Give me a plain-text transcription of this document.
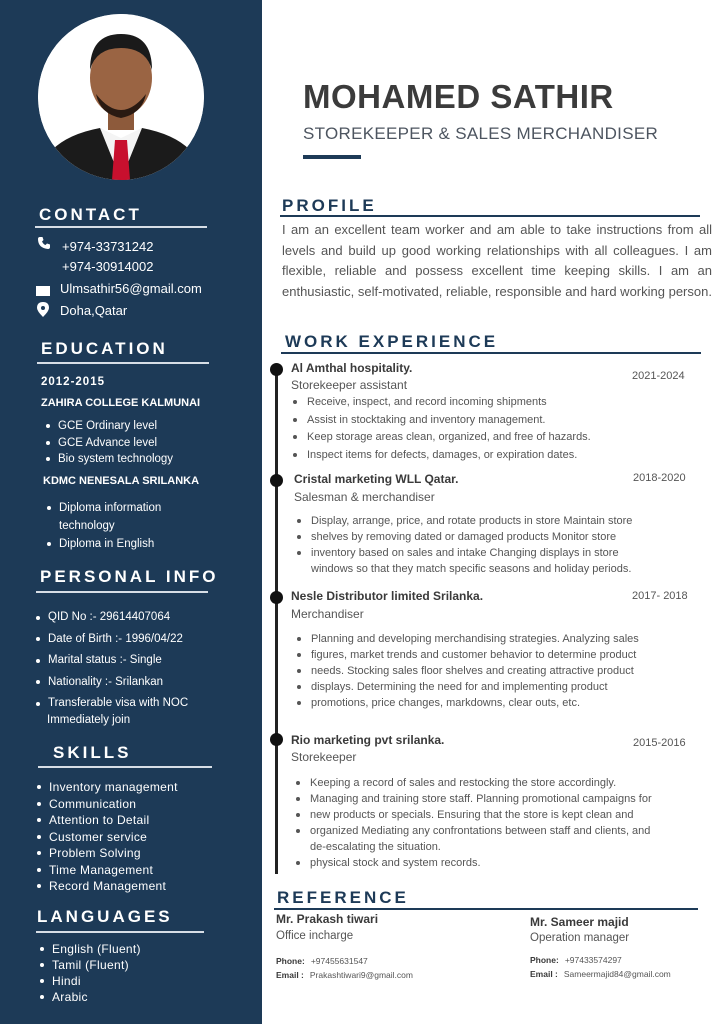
CONTACT
+974-33731242
+974-30914002
Ulmsathir56@gmail.com
Doha,Qatar
EDUCATION
2012-2015
ZAHIRA COLLEGE KALMUNAI
GCE Ordinary level
GCE Advance level
Bio system technology
KDMC NENESALA SRILANKA
Diploma information
technology
Diploma in English
PERSONAL INFO
QID No :- 29614407064
Date of Birth :- 1996/04/22
Marital status :- Single
Nationality :- Srilankan
Transferable visa with NOC
Immediately join
SKILLS
Inventory management
Communication
Attention to Detail
Customer service
Problem Solving
Time Management
Record Management
LANGUAGES
English (Fluent)
Tamil (Fluent)
Hindi
Arabic
MOHAMED SATHIR
STOREKEEPER & SALES MERCHANDISER
PROFILE
I am an excellent team worker and am able to take instructions from all levels and build up good working relationships with all colleagues. I am flexible, reliable and possess excellent time keeping skills. I am an enthusiastic, self-motivated, reliable, responsible and hard working person.
WORK EXPERIENCE
Al Amthal hospitality.
Storekeeper assistant
2021-2024
Receive, inspect, and record incoming shipments
Assist in stocktaking and inventory management.
Keep storage areas clean, organized, and free of hazards.
Inspect items for defects, damages, or expiration dates.
Cristal marketing WLL Qatar.
Salesman & merchandiser
2018-2020
Display, arrange, price, and rotate products in store Maintain store
shelves by removing dated or damaged products Monitor store
inventory based on sales and intake Changing displays in store
windows so that they match specific seasons and holiday periods.
Nesle Distributor limited Srilanka.
Merchandiser
2017- 2018
Planning and developing merchandising strategies. Analyzing sales
figures, market trends and customer behavior to determine product
needs. Stocking sales floor shelves and creating attractive product
displays. Determining the need for and implementing product
promotions, price changes, markdowns, clear outs, etc.
Rio marketing pvt srilanka.
Storekeeper
2015-2016
Keeping a record of sales and restocking the store accordingly.
Managing and training store staff. Planning promotional campaigns for
new products or specials. Ensuring that the store is kept clean and
organized Mediating any confrontations between staff and clients, and
de-escalating the situation.
physical stock and system records.
REFERENCE
Mr. Prakash tiwari
Office incharge
Phone: +97455631547
Email : Prakashtiwari9@gmail.com
Mr. Sameer majid
Operation manager
Phone: +97433574297
Email : Sameermajid84@gmail.com
